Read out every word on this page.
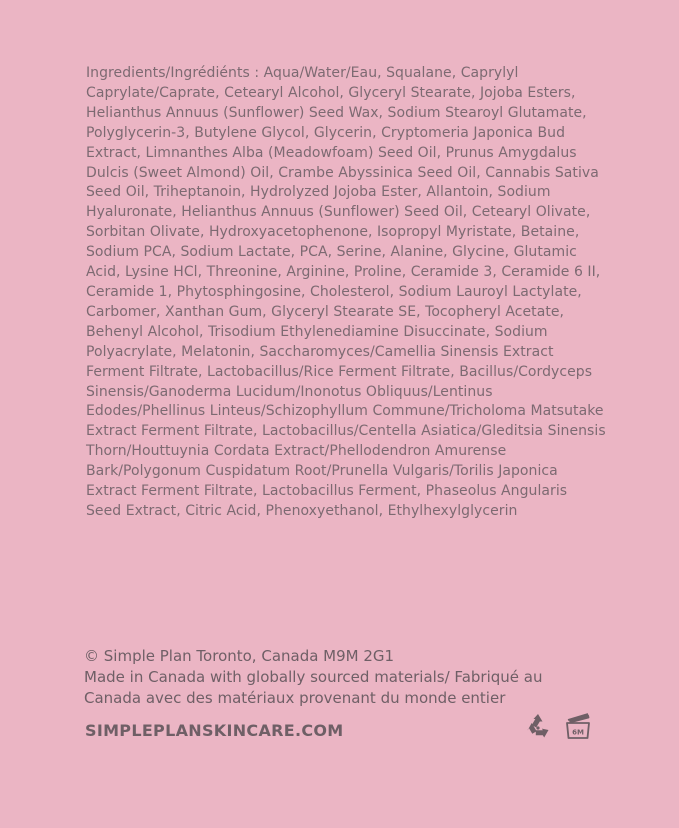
Ingredients/Ingrédiénts : Aqua/Water/Eau, Squalane, Caprylyl Caprylate/Caprate, Cetearyl Alcohol, Glyceryl Stearate, Jojoba Esters, Helianthus Annuus (Sunflower) Seed Wax, Sodium Stearoyl Glutamate, Polyglycerin-3, Butylene Glycol, Glycerin, Cryptomeria Japonica Bud Extract, Limnanthes Alba (Meadowfoam) Seed Oil, Prunus Amygdalus Dulcis (Sweet Almond) Oil, Crambe Abyssinica Seed Oil, Cannabis Sativa Seed Oil, Triheptanoin, Hydrolyzed Jojoba Ester, Allantoin, Sodium Hyaluronate, Helianthus Annuus (Sunflower) Seed Oil, Cetearyl Olivate, Sorbitan Olivate, Hydroxyacetophenone, Isopropyl Myristate, Betaine, Sodium PCA, Sodium Lactate, PCA, Serine, Alanine, Glycine, Glutamic Acid, Lysine HCl, Threonine, Arginine, Proline, Ceramide 3, Ceramide 6 II, Ceramide 1, Phytosphingosine, Cholesterol, Sodium Lauroyl Lactylate, Carbomer, Xanthan Gum, Glyceryl Stearate SE, Tocopheryl Acetate, Behenyl Alcohol, Trisodium Ethylenediamine Disuccinate, Sodium Polyacrylate, Melatonin, Saccharomyces/Camellia Sinensis Extract Ferment Filtrate, Lactobacillus/Rice Ferment Filtrate, Bacillus/Cordyceps Sinensis/Ganoderma Lucidum/Inonotus Obliquus/Lentinus Edodes/Phellinus Linteus/Schizophyllum Commune/Tricholoma Matsutake Extract Ferment Filtrate, Lactobacillus/Centella Asiatica/Gleditsia Sinensis Thorn/Houttuynia Cordata Extract/Phellodendron Amurense Bark/Polygonum Cuspidatum Root/Prunella Vulgaris/Torilis Japonica Extract Ferment Filtrate, Lactobacillus Ferment, Phaseolus Angularis Seed Extract, Citric Acid, Phenoxyethanol, Ethylhexylglycerin

© Simple Plan Toronto, Canada M9M 2G1

Made in Canada with globally sourced materials/ Fabriqué au Canada avec des matériaux provenant du monde entier

SIMPLEPLANSKINCARE.COM	6M
